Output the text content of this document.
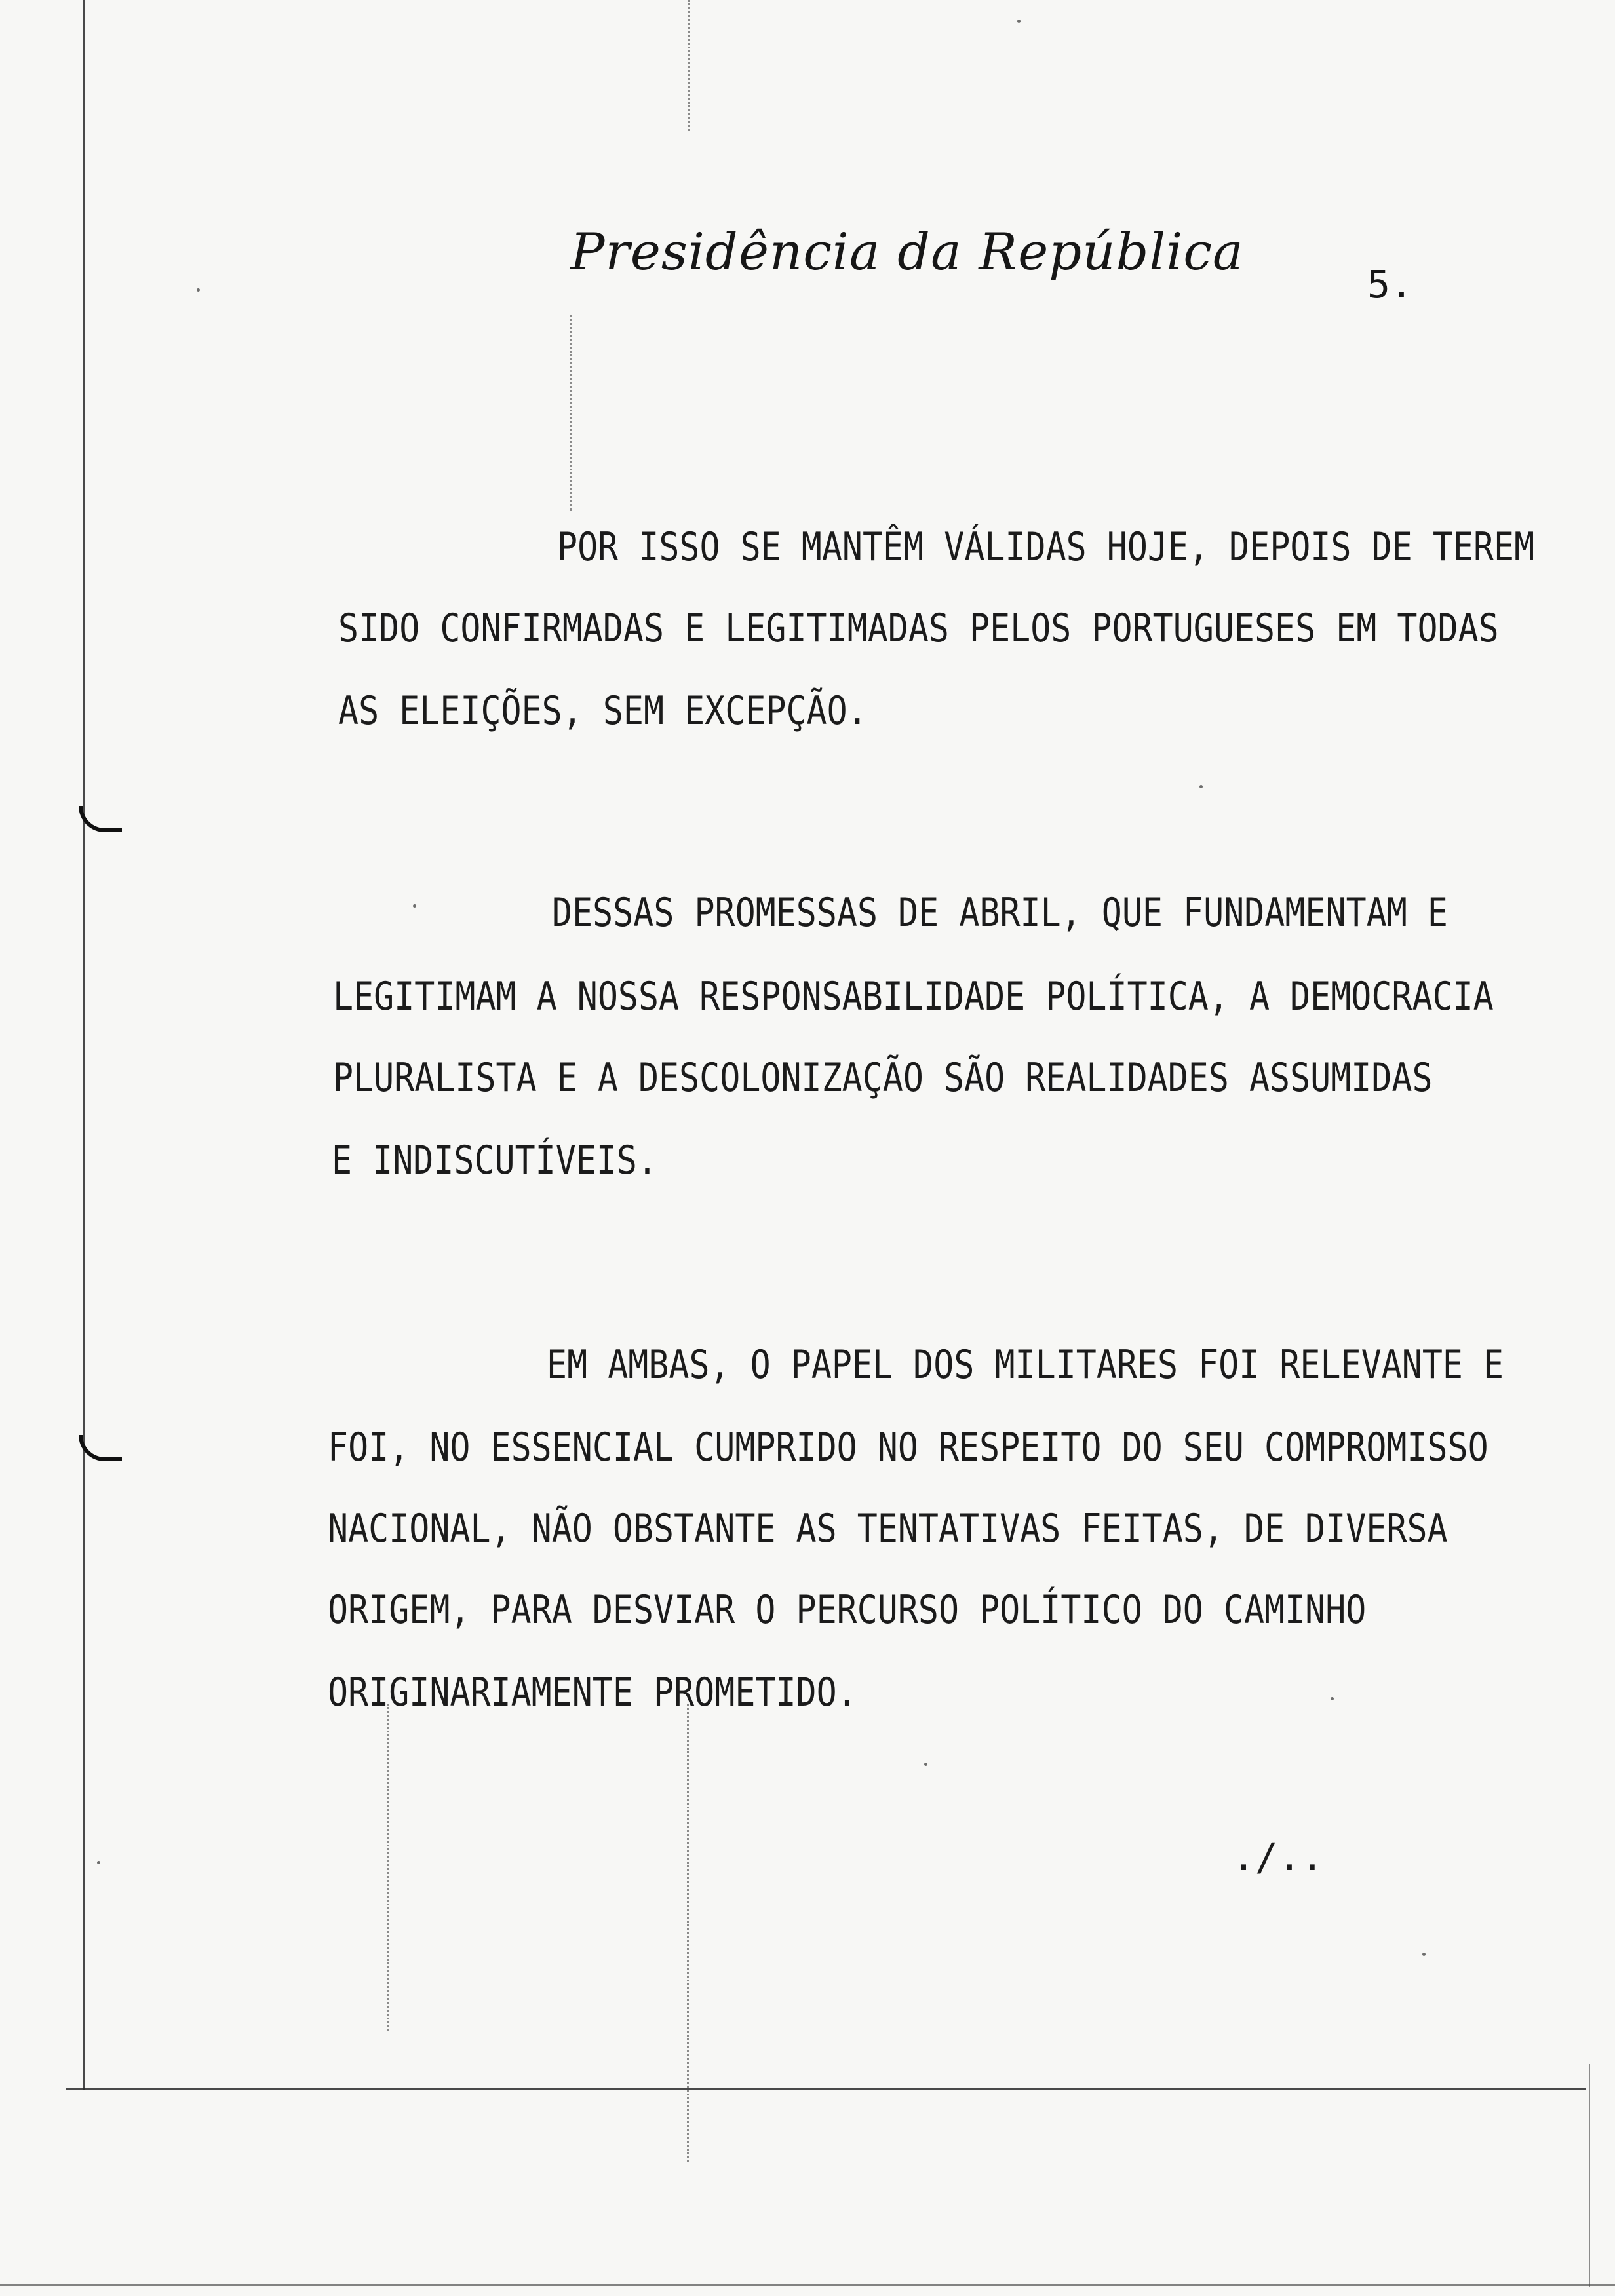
Presidência da República
5.
POR ISSO SE MANTÊM VÁLIDAS HOJE, DEPOIS DE TEREM
SIDO CONFIRMADAS E LEGITIMADAS PELOS PORTUGUESES EM TODAS
AS ELEIÇÕES, SEM EXCEPÇÃO.
DESSAS PROMESSAS DE ABRIL, QUE FUNDAMENTAM E
LEGITIMAM A NOSSA RESPONSABILIDADE POLÍTICA, A DEMOCRACIA
PLURALISTA E A DESCOLONIZAÇÃO SÃO REALIDADES ASSUMIDAS
E INDISCUTÍVEIS.
EM AMBAS, O PAPEL DOS MILITARES FOI RELEVANTE E
FOI, NO ESSENCIAL CUMPRIDO NO RESPEITO DO SEU COMPROMISSO
NACIONAL, NÃO OBSTANTE AS TENTATIVAS FEITAS, DE DIVERSA
ORIGEM, PARA DESVIAR O PERCURSO POLÍTICO DO CAMINHO
ORIGINARIAMENTE PROMETIDO.
./..
